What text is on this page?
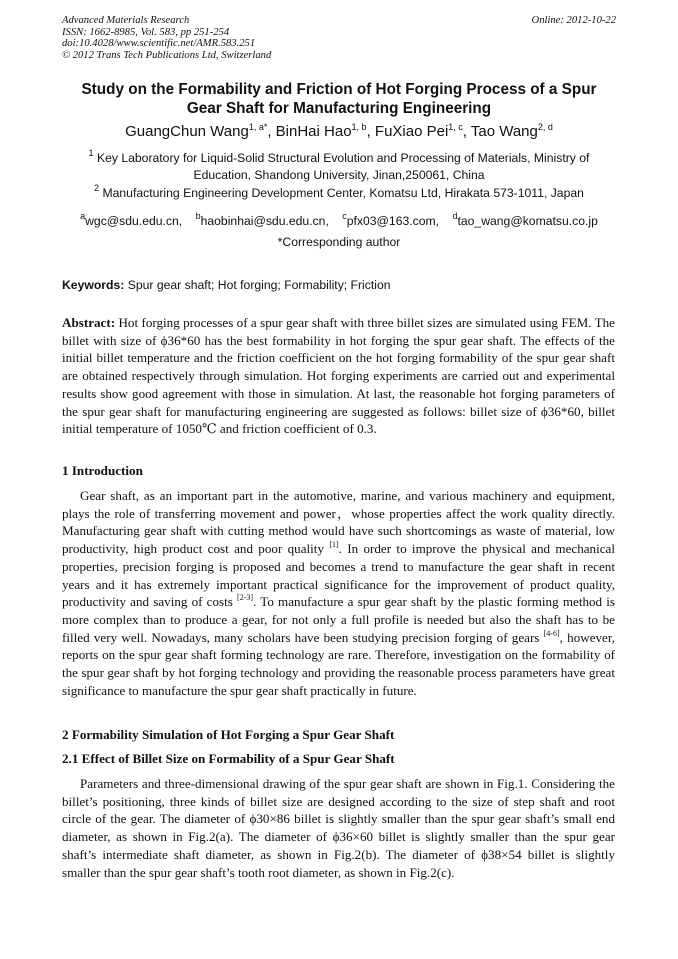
Advanced Materials Research
ISSN: 1662-8985, Vol. 583, pp 251-254
doi:10.4028/www.scientific.net/AMR.583.251
© 2012 Trans Tech Publications Ltd, Switzerland
Online: 2012-10-22
Study on the Formability and Friction of Hot Forging Process of a Spur Gear Shaft for Manufacturing Engineering
GuangChun Wang$^{1, a*}$, BinHai Hao$^{1, b}$, FuXiao Pei$^{1, c}$, Tao Wang$^{2, d}$
$^1$ Key Laboratory for Liquid-Solid Structural Evolution and Processing of Materials, Ministry of Education, Shandong University, Jinan,250061, China
$^2$ Manufacturing Engineering Development Center, Komatsu Ltd, Hirakata 573-1011, Japan
$^a$wgc@sdu.edu.cn, $^b$haobinhai@sdu.edu.cn, $^c$pfx03@163.com, $^d$tao_wang@komatsu.co.jp
*Corresponding author
Keywords: Spur gear shaft; Hot forging; Formability; Friction
Abstract: Hot forging processes of a spur gear shaft with three billet sizes are simulated using FEM. The billet with size of ϕ36*60 has the best formability in hot forging the spur gear shaft. The effects of the initial billet temperature and the friction coefficient on the hot forging formability of the spur gear shaft are obtained respectively through simulation. Hot forging experiments are carried out and experimental results show good agreement with those in simulation. At last, the reasonable hot forging parameters of the spur gear shaft for manufacturing engineering are suggested as follows: billet size of ϕ36*60, billet initial temperature of 1050℃ and friction coefficient of 0.3.
1 Introduction
Gear shaft, as an important part in the automotive, marine, and various machinery and equipment, plays the role of transferring movement and power，whose properties affect the work quality directly. Manufacturing gear shaft with cutting method would have such shortcomings as waste of material, low productivity, high product cost and poor quality [1]. In order to improve the physical and mechanical properties, precision forging is proposed and becomes a trend to manufacture the gear shaft in recent years and it has extremely important practical significance for the improvement of product quality, productivity and saving of costs [2-3]. To manufacture a spur gear shaft by the plastic forming method is more complex than to produce a gear, for not only a full profile is needed but also the shaft has to be filled very well. Nowadays, many scholars have been studying precision forging of gears [4-6], however, reports on the spur gear shaft forming technology are rare. Therefore, investigation on the formability of the spur gear shaft by hot forging technology and providing the reasonable process parameters have great significance to manufacture the spur gear shaft practically in future.
2 Formability Simulation of Hot Forging a Spur Gear Shaft
2.1 Effect of Billet Size on Formability of a Spur Gear Shaft
Parameters and three-dimensional drawing of the spur gear shaft are shown in Fig.1. Considering the billet’s positioning, three kinds of billet size are designed according to the size of step shaft and root circle of the gear. The diameter of ϕ30×86 billet is slightly smaller than the spur gear shaft’s small end diameter, as shown in Fig.2(a). The diameter of ϕ36×60 billet is slightly smaller than the spur gear shaft’s intermediate shaft diameter, as shown in Fig.2(b). The diameter of ϕ38×54 billet is slightly smaller than the spur gear shaft’s tooth root diameter, as shown in Fig.2(c).
